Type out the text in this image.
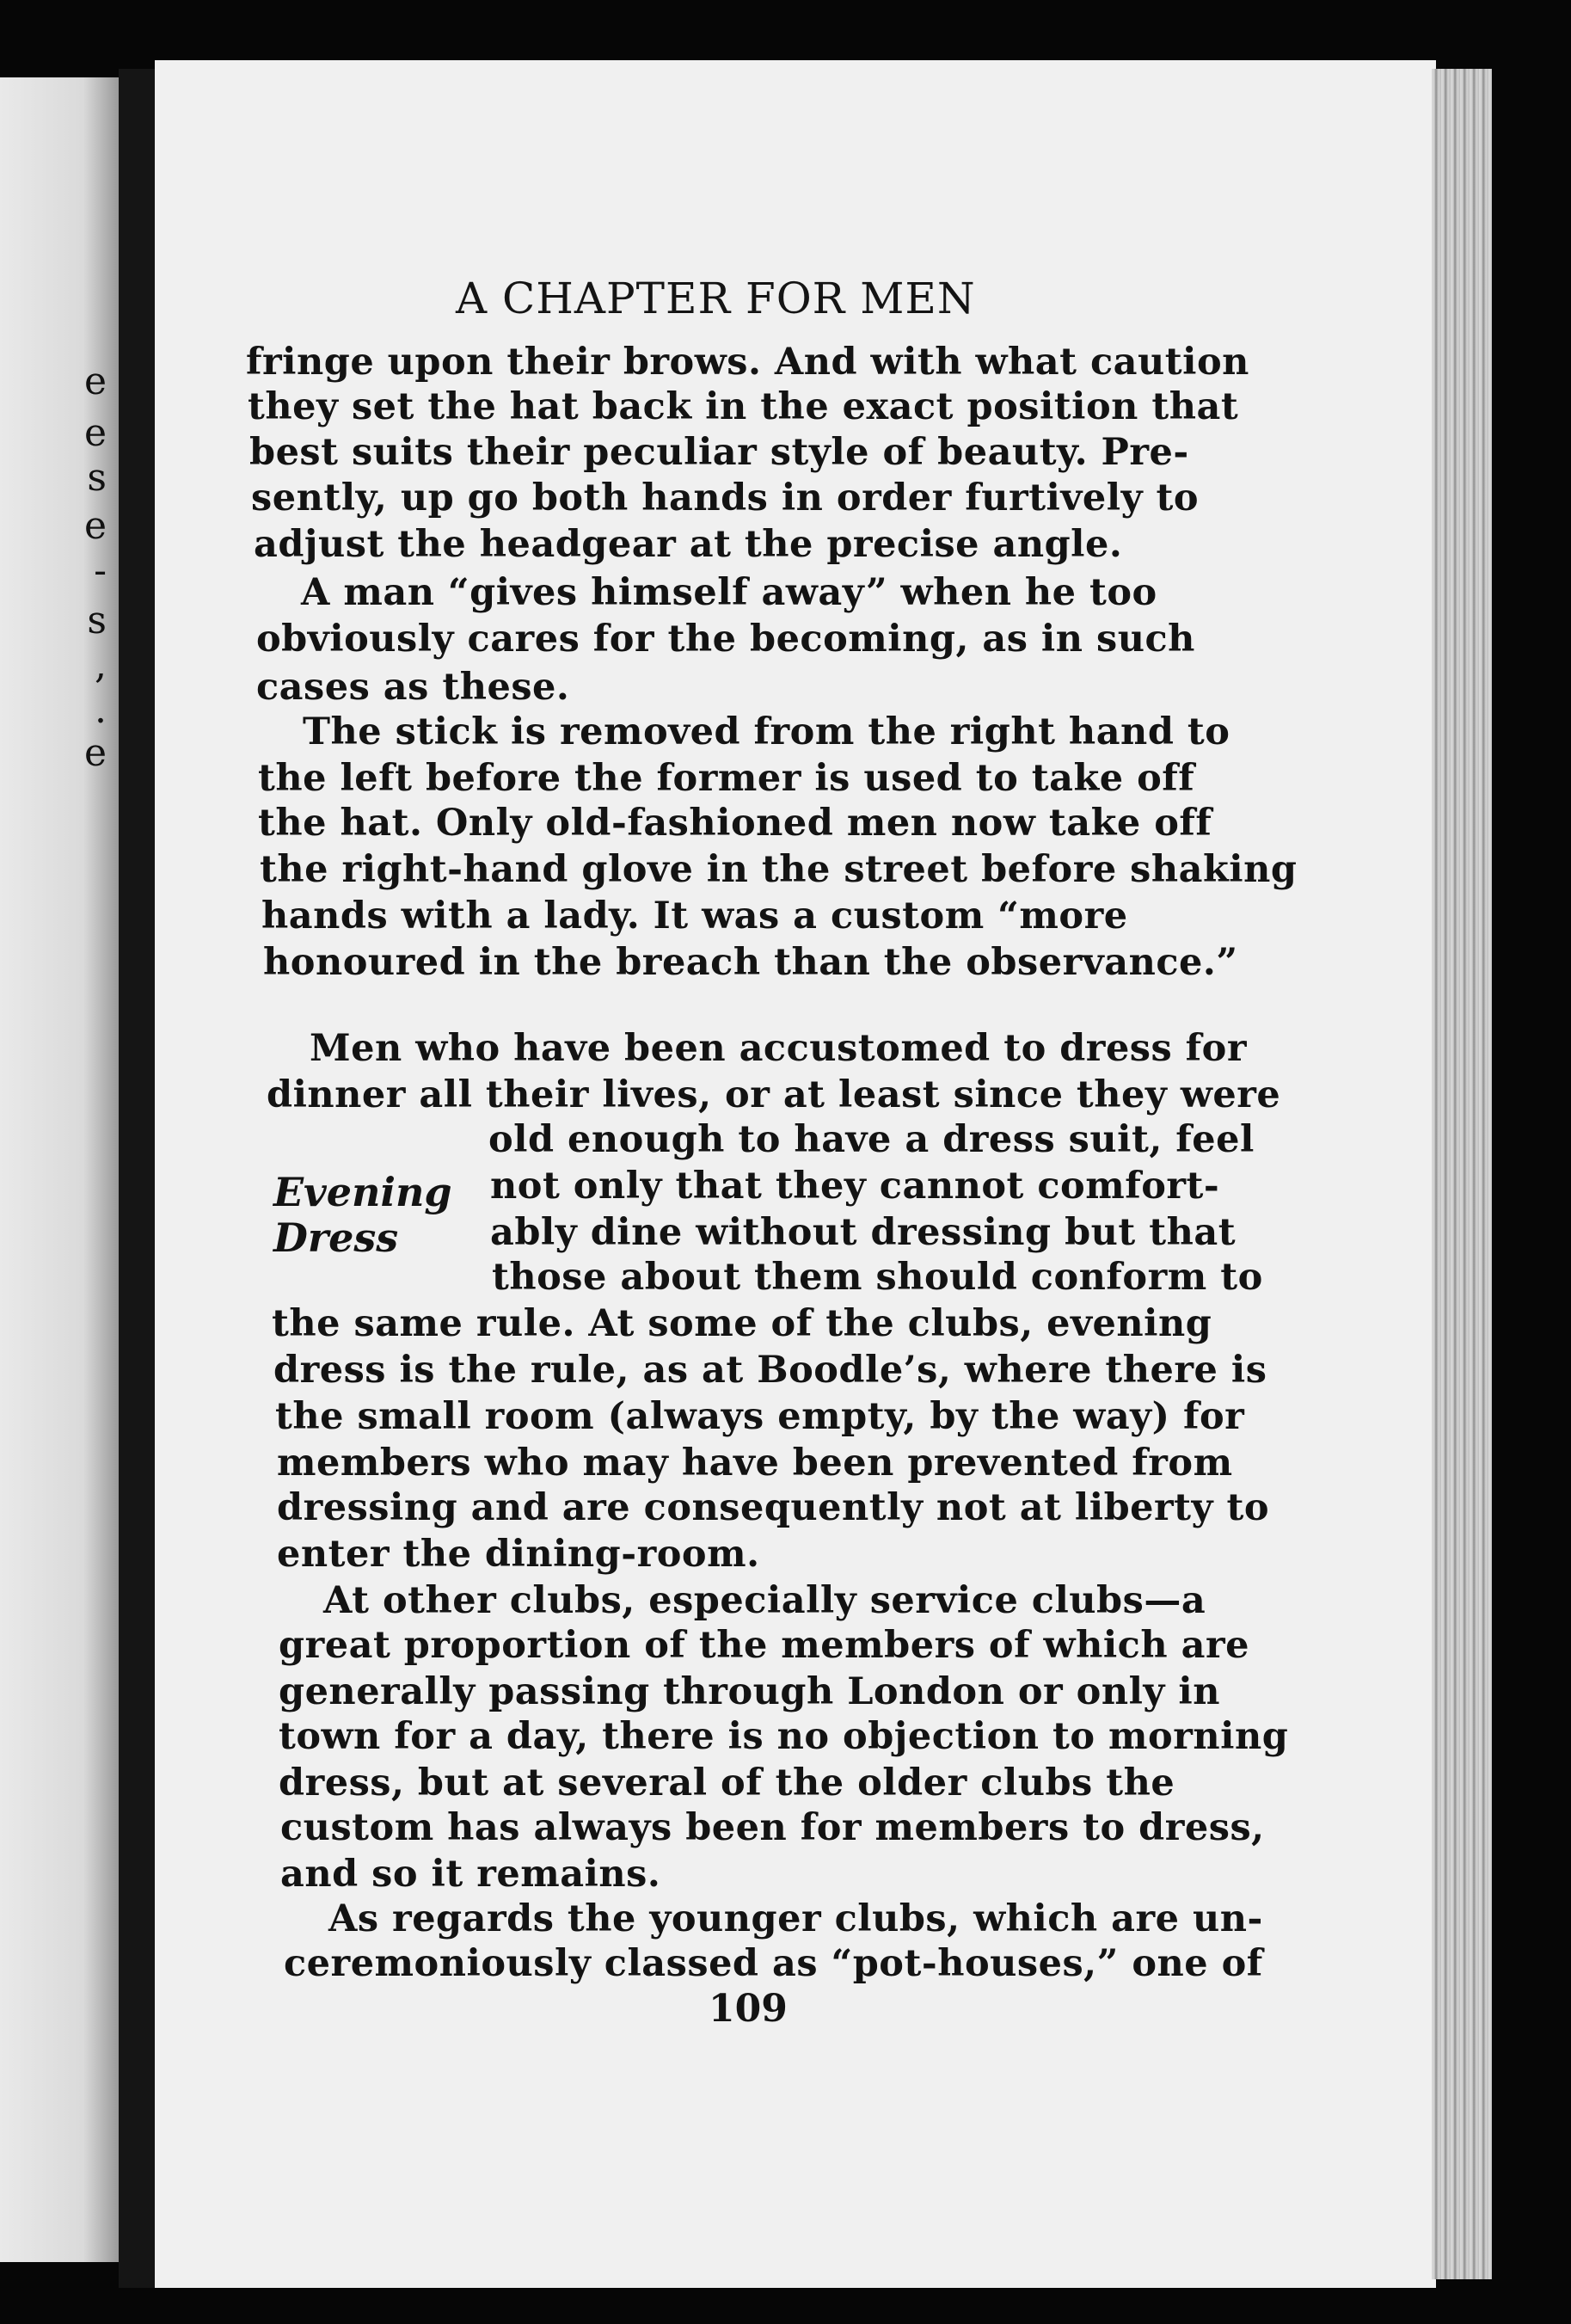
e
e
s
e
-
s
,
.
e
A CHAPTER FOR MEN
fringe upon their brows. And with what caution
they set the hat back in the exact position that
best suits their peculiar style of beauty. Pre-
sently, up go both hands in order furtively to
adjust the headgear at the precise angle.
A man “gives himself away” when he too
obviously cares for the becoming, as in such
cases as these.
The stick is removed from the right hand to
the left before the former is used to take off
the hat. Only old-fashioned men now take off
the right-hand glove in the street before shaking
hands with a lady. It was a custom “more
honoured in the breach than the observance.”
Men who have been accustomed to dress for
dinner all their lives, or at least since they were
old enough to have a dress suit, feel
not only that they cannot comfort-
ably dine without dressing but that
those about them should conform to
the same rule. At some of the clubs, evening
dress is the rule, as at Boodle’s, where there is
the small room (always empty, by the way) for
members who may have been prevented from
dressing and are consequently not at liberty to
enter the dining-room.
At other clubs, especially service clubs—a
great proportion of the members of which are
generally passing through London or only in
town for a day, there is no objection to morning
dress, but at several of the older clubs the
custom has always been for members to dress,
and so it remains.
As regards the younger clubs, which are un-
ceremoniously classed as “pot-houses,” one of
Evening
Dress
109
